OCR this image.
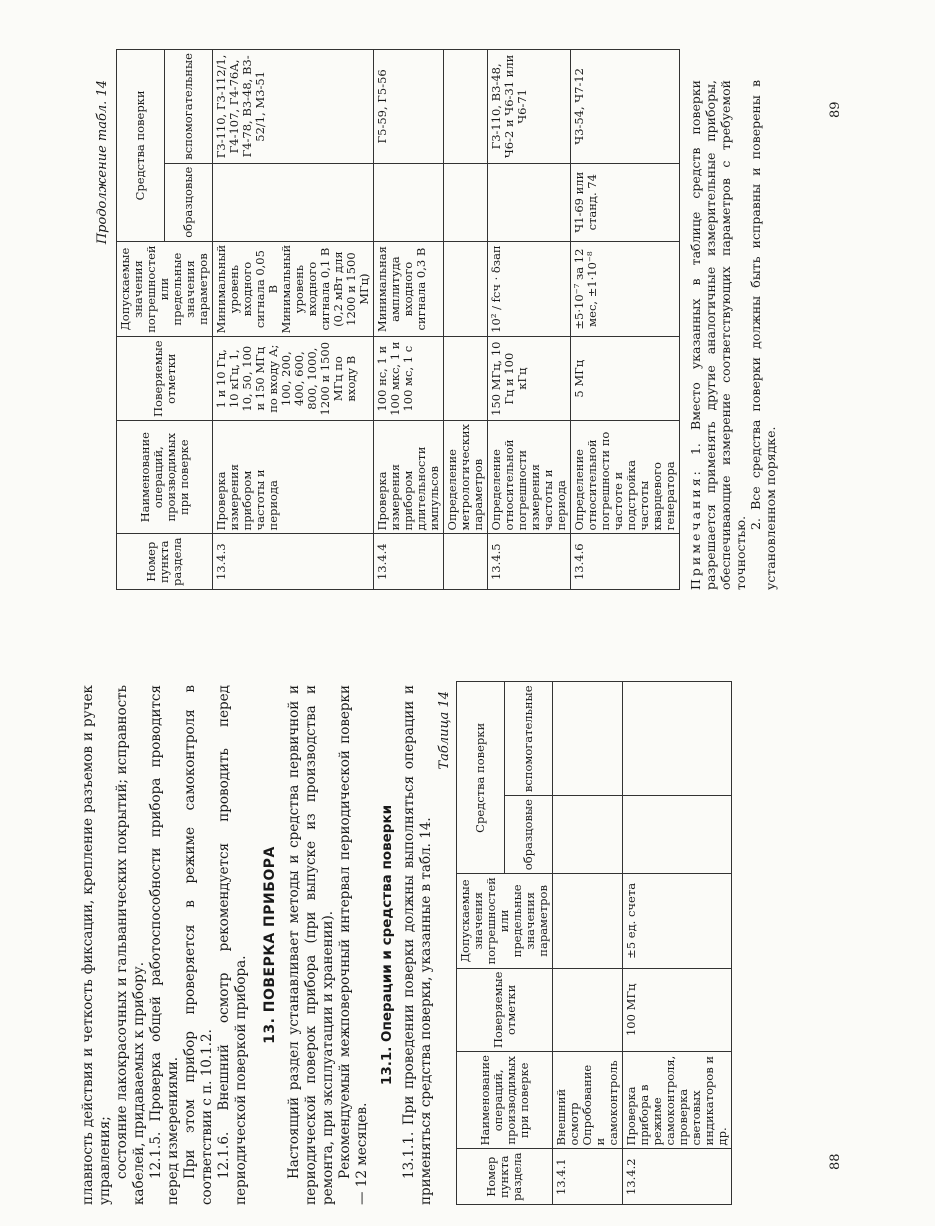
плавность действия и четкость фиксации, крепление разъемов и ручек управления; состояние лакокрасочных и гальванических покрытий; исправность кабелей, придаваемых к прибору. 12.1.5. Проверка общей работоспособности прибора проводится перед измерениями. При этом прибор проверяется в режиме самоконтроля в соответствии с п. 10.1.2. 12.1.6. Внешний осмотр рекомендуется проводить перед периодической поверкой прибора.

13. ПОВЕРКА ПРИБОРА Настоящий раздел устанавливает методы и средства первичной и периодической поверок прибора (при выпуске из производства и ремонта, при эксплуатации и хранении). Рекомендуемый межповерочный интервал периодической поверки — 12 месяцев.

13.1. Операции и средства поверки 13.1.1. При проведении поверки должны выполняться операции и применяться средства поверки, указанные в табл. 14.

Таблица 14
Номер пункта раздела	Наименование операций, производимых при поверке	Поверяемые отметки	Допускаемые значения погрешностей или предельные значения параметров	Средства поверки	
				образцовые	вспомогательные
13.4.1	Внешний осмотр
Опробование и самоконтроль				
13.4.2	Проверка прибора в режиме самоконтроля, проверка световых индикаторов и др.	100 МГц	±5 ед. счета		
88
Продолжение табл. 14
Номер пункта раздела	Наименование операций, производимых при поверке	Поверяемые отметки	Допускаемые значения погрешностей или предельные значения параметров	Средства поверки	
				образцовые	вспомогательные
13.4.3	Проверка измерения прибором частоты и периода	1 и 10 Гц, 10 кГц, 1, 10, 50, 100 и 150 МГц по входу А; 100, 200, 400, 600, 800, 1000, 1200 и 1500 МГц по входу В	Минимальный уровень входного сигнала 0,05 В
Минимальный уровень входного сигнала 0,1 В (0,2 мВт для 1200 и 1500 МГц)		Г3-110, Г3-112/1, Г4-107, Г4-76А, Г4-78, В3-48, В3-52/1, М3-51
13.4.4	Проверка измерения прибором длительности импульсов	100 нс, 1 и 100 мкс, 1 и 100 мс, 1 с	Минимальная амплитуда входного сигнала 0,3 В		Г5-59, Г5-56
	Определение метрологических параметров				
13.4.5	Определение относительной погрешности измерения частоты и периода	150 МГц, 10 Гц и 100 кГц	10² / fсч · δзап		Г3-110, В3-48, Ч6-2 и Ч6-31 или Ч6-71
13.4.6	Определение относительной погрешности по частоте и подстройка частоты кварцевого генератора	5 МГц	±5·10⁻⁷ за 12 мес, ±1·10⁻⁸	Ч1-69 или станд. 74	Ч3-54, Ч7-12
Примечания: 1. Вместо указанных в таблице средств поверки разрешается применять другие аналогичные измерительные приборы, обеспечивающие измерение соответствующих параметров с требуемой точностью.
2. Все средства поверки должны быть исправны и поверены в установленном порядке.
89
